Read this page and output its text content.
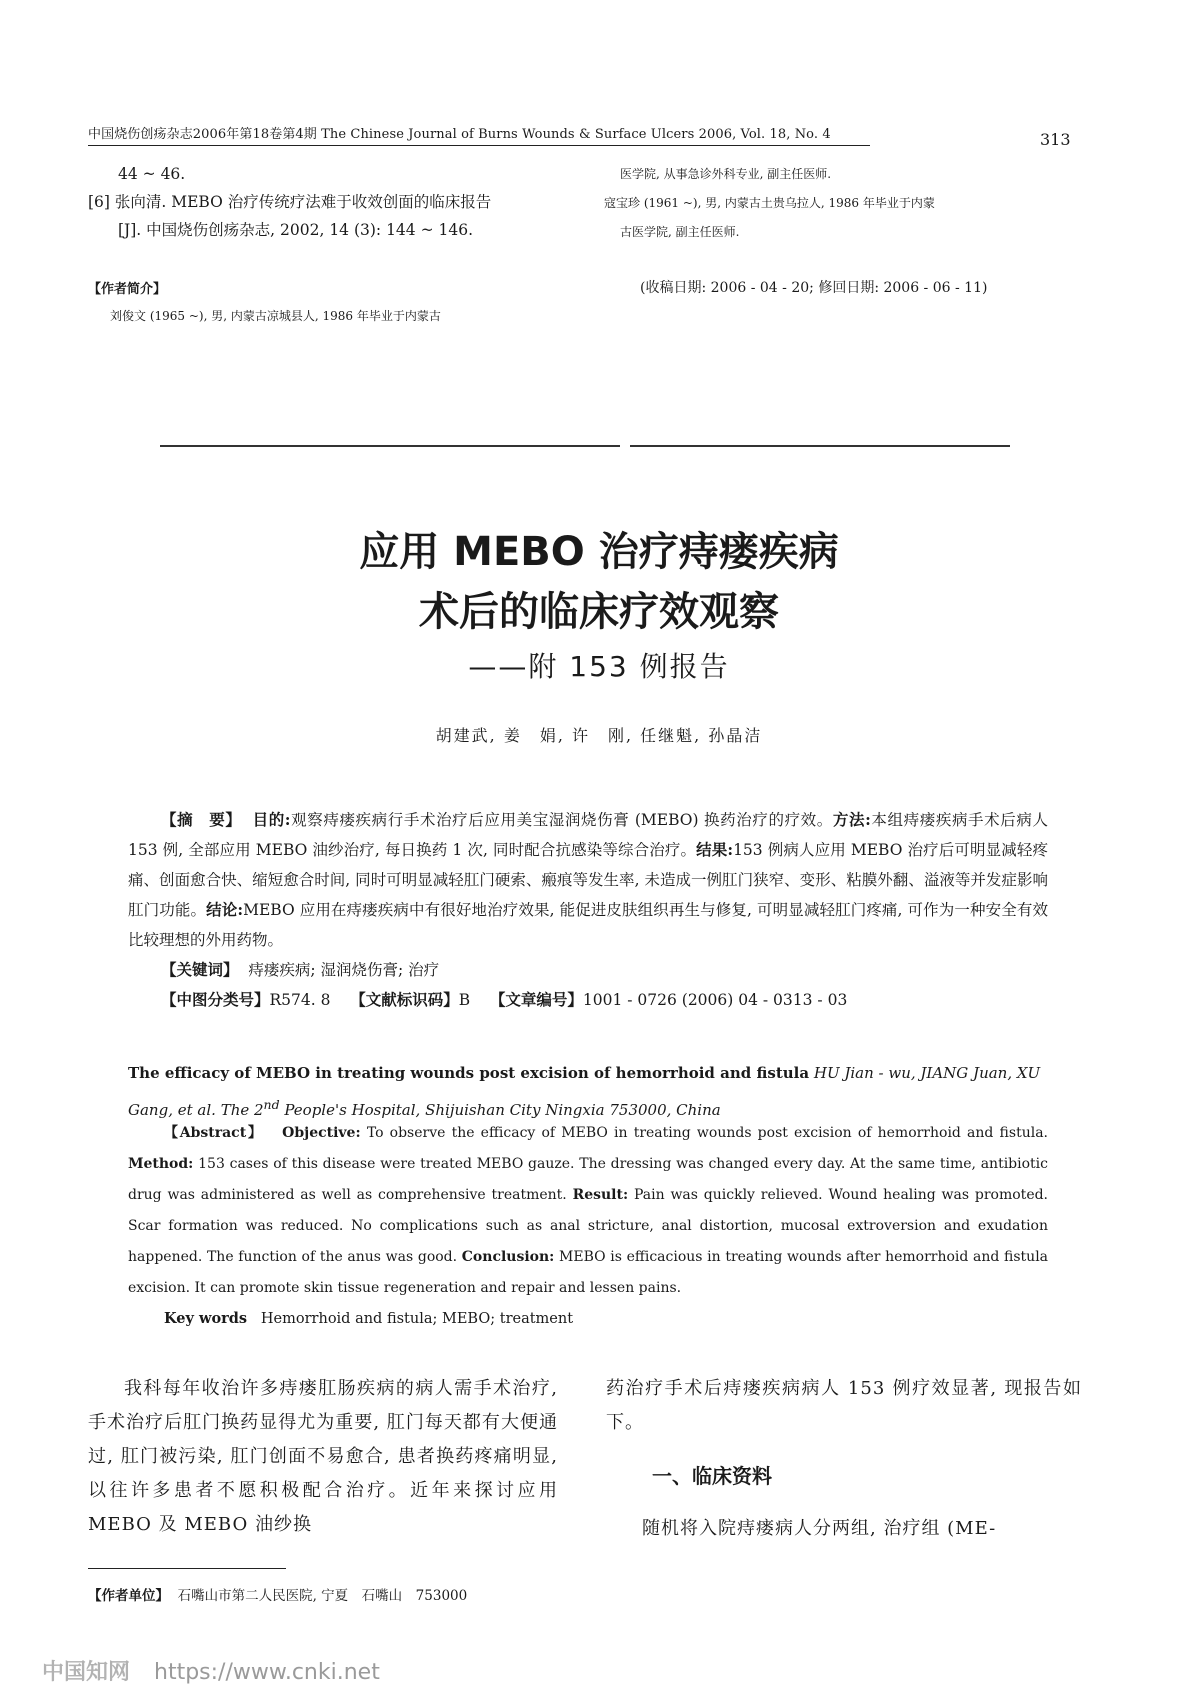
中国烧伤创疡杂志2006年第18卷第4期 The Chinese Journal of Burns Wounds & Surface Ulcers 2006, Vol. 18, No. 4	313
44 ~ 46.
[6] 张向清. MEBO 治疗传统疗法难于收效创面的临床报告
[J]. 中国烧伤创疡杂志, 2002, 14 (3): 144 ~ 146.
【作者简介】
刘俊文 (1965 ~), 男, 内蒙古凉城县人, 1986 年毕业于内蒙古
医学院, 从事急诊外科专业, 副主任医师.
寇宝珍 (1961 ~), 男, 内蒙古土贵乌拉人, 1986 年毕业于内蒙
古医学院, 副主任医师.
(收稿日期: 2006 - 04 - 20; 修回日期: 2006 - 06 - 11)
应用 MEBO 治疗痔瘘疾病
术后的临床疗效观察
——附 153 例报告
胡建武, 姜　娟, 许　刚, 任继魁, 孙晶洁

【摘　要】 目的:观察痔瘘疾病行手术治疗后应用美宝湿润烧伤膏 (MEBO) 换药治疗的疗效。方法:本组痔瘘疾病手术后病人 153 例, 全部应用 MEBO 油纱治疗, 每日换药 1 次, 同时配合抗感染等综合治疗。结果:153 例病人应用 MEBO 治疗后可明显减轻疼痛、创面愈合快、缩短愈合时间, 同时可明显减轻肛门硬索、瘢痕等发生率, 未造成一例肛门狭窄、变形、粘膜外翻、溢液等并发症影响肛门功能。结论:MEBO 应用在痔瘘疾病中有很好地治疗效果, 能促进皮肤组织再生与修复, 可明显减轻肛门疼痛, 可作为一种安全有效比较理想的外用药物。

【关键词】 痔瘘疾病; 湿润烧伤膏; 治疗
【中图分类号】R574. 8 【文献标识码】B 【文章编号】1001 - 0726 (2006) 04 - 0313 - 03
The efficacy of MEBO in treating wounds post excision of hemorrhoid and fistula HU Jian - wu, JIANG Juan, XU Gang, et al. The 2nd People's Hospital, Shijuishan City Ningxia 753000, China

【Abstract】 Objective: To observe the efficacy of MEBO in treating wounds post excision of hemorrhoid and fistula. Method: 153 cases of this disease were treated MEBO gauze. The dressing was changed every day. At the same time, antibiotic drug was administered as well as comprehensive treatment. Result: Pain was quickly relieved. Wound healing was promoted. Scar formation was reduced. No complications such as anal stricture, anal distortion, mucosal extroversion and exudation happened. The function of the anus was good. Conclusion: MEBO is efficacious in treating wounds after hemorrhoid and fistula excision. It can promote skin tissue regeneration and repair and lessen pains.

Key words Hemorrhoid and fistula; MEBO; treatment
我科每年收治许多痔瘘肛肠疾病的病人需手术治疗, 手术治疗后肛门换药显得尤为重要, 肛门每天都有大便通过, 肛门被污染, 肛门创面不易愈合, 患者换药疼痛明显, 以往许多患者不愿积极配合治疗。近年来探讨应用 MEBO 及 MEBO 油纱换
药治疗手术后痔瘘疾病病人 153 例疗效显著, 现报告如下。
一、临床资料
随机将入院痔瘘病人分两组, 治疗组 (ME-
【作者单位】 石嘴山市第二人民医院, 宁夏　石嘴山　753000
中国知网 https://www.cnki.net
